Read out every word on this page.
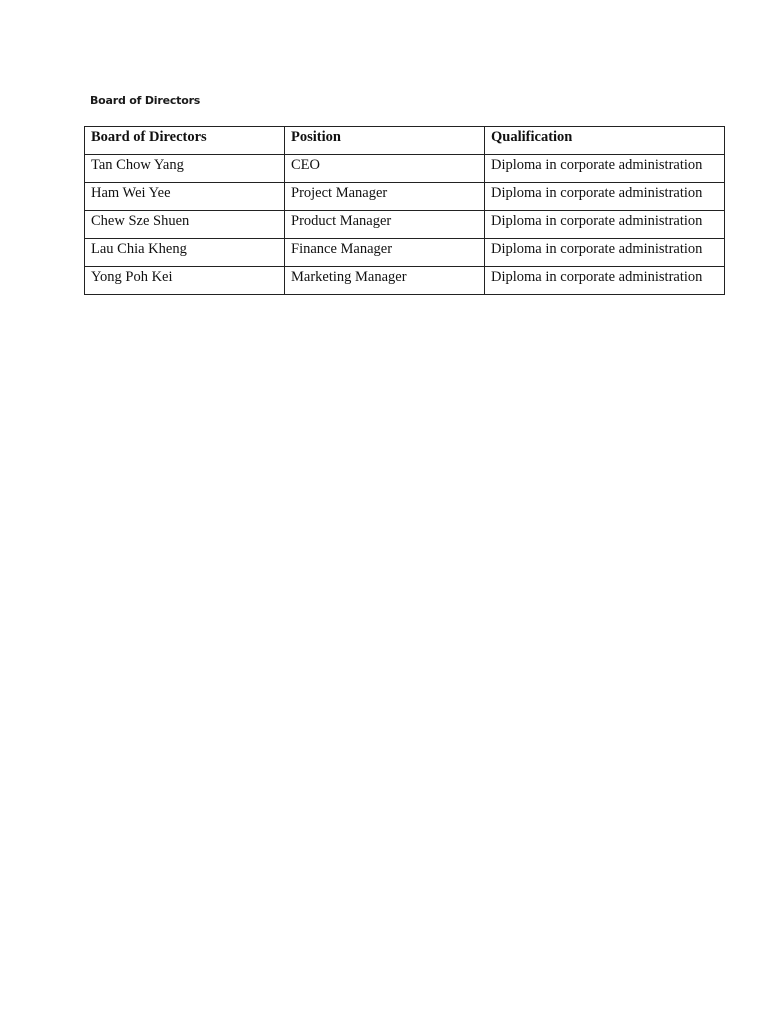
Board of Directors
Board of Directors	Position	Qualification
Tan Chow Yang	CEO	Diploma in corporate administration
Ham Wei Yee	Project Manager	Diploma in corporate administration
Chew Sze Shuen	Product Manager	Diploma in corporate administration
Lau Chia Kheng	Finance Manager	Diploma in corporate administration
Yong Poh Kei	Marketing Manager	Diploma in corporate administration
